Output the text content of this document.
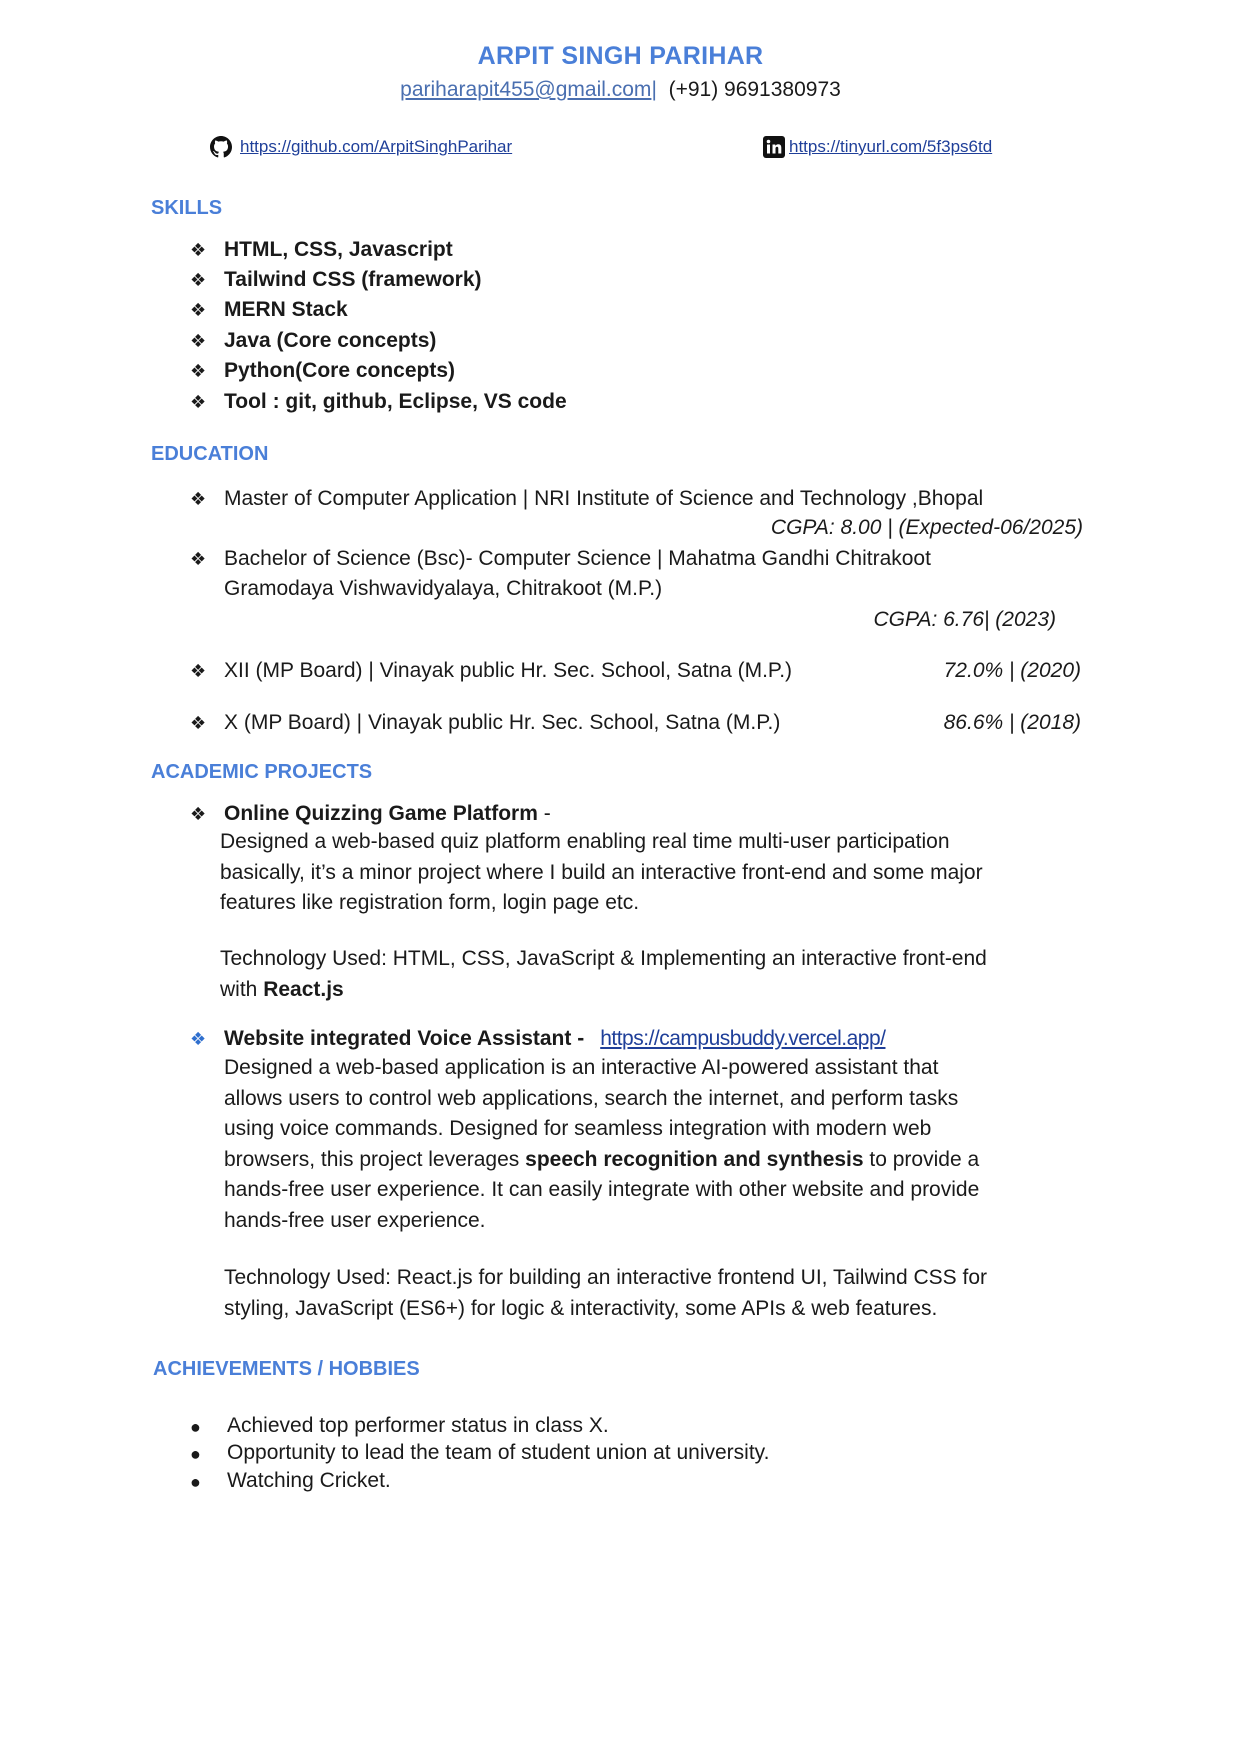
ARPIT SINGH PARIHAR
pariharapit455@gmail.com| (+91) 9691380973
https://github.com/ArpitSinghParihar	https://tinyurl.com/5f3ps6td
SKILLS
❖ HTML, CSS, Javascript
❖ Tailwind CSS (framework)
❖ MERN Stack
❖ Java (Core concepts)
❖ Python(Core concepts)
❖ Tool : git, github, Eclipse, VS code
EDUCATION
❖ Master of Computer Application | NRI Institute of Science and Technology ,Bhopal
CGPA: 8.00 | (Expected-06/2025)
❖ Bachelor of Science (Bsc)- Computer Science | Mahatma Gandhi Chitrakoot
Gramodaya Vishwavidyalaya, Chitrakoot (M.P.)
CGPA: 6.76| (2023)
❖ XII (MP Board) | Vinayak public Hr. Sec. School, Satna (M.P.)	72.0% | (2020)
❖ X (MP Board) | Vinayak public Hr. Sec. School, Satna (M.P.)	86.6% | (2018)
ACADEMIC PROJECTS
❖ Online Quizzing Game Platform -
Designed a web-based quiz platform enabling real time multi-user participation
basically, it’s a minor project where I build an interactive front-end and some major
features like registration form, login page etc.
Technology Used: HTML, CSS, JavaScript & Implementing an interactive front-end
with React.js
❖ Website integrated Voice Assistant - https://campusbuddy.vercel.app/
Designed a web-based application is an interactive AI-powered assistant that
allows users to control web applications, search the internet, and perform tasks
using voice commands. Designed for seamless integration with modern web
browsers, this project leverages speech recognition and synthesis to provide a
hands-free user experience. It can easily integrate with other website and provide
hands-free user experience.
Technology Used: React.js for building an interactive frontend UI, Tailwind CSS for
styling, JavaScript (ES6+) for logic & interactivity, some APIs & web features.
ACHIEVEMENTS / HOBBIES
●	Achieved top performer status in class X.
●	Opportunity to lead the team of student union at university.
●	Watching Cricket.
